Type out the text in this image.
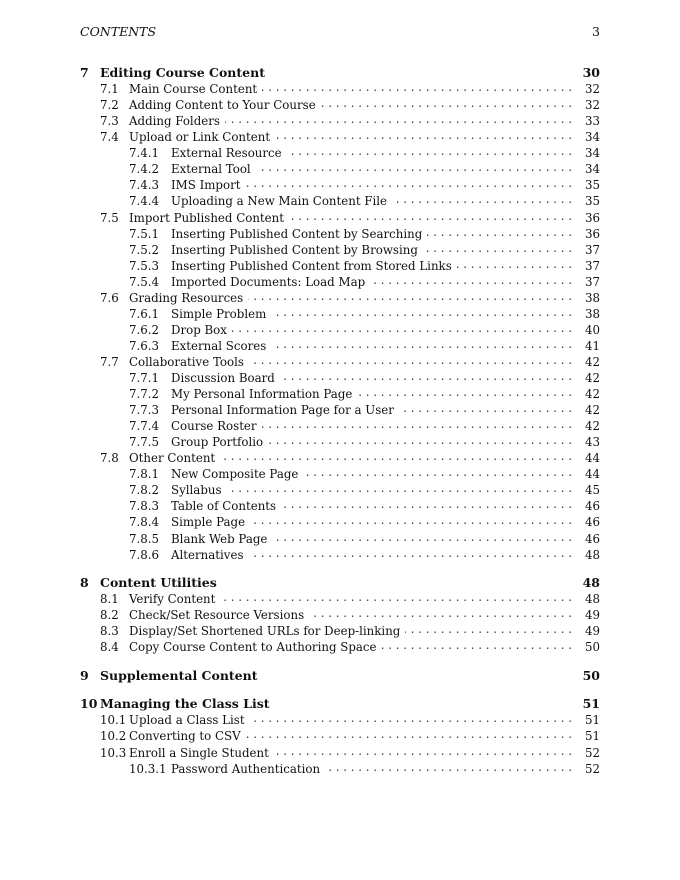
CONTENTS	3
7 Editing Course Content	30
7.1 . . . Main Course Content	32
7.2 . . . Adding Content to Your Course	32
7.3 . . . Adding Folders	33
7.4 . . . Upload or Link Content	34
7.4.1 . . . External Resource	34
7.4.2 . . . External Tool	34
7.4.3 . . . IMS Import	35
7.4.4 . . . Uploading a New Main Content File	35
7.5 . . . Import Published Content	36
7.5.1 . . . Inserting Published Content by Searching	36
7.5.2 . . . Inserting Published Content by Browsing	37
7.5.3 . . . Inserting Published Content from Stored Links	37
7.5.4 . . . Imported Documents: Load Map	37
7.6 . . . Grading Resources	38
7.6.1 . . . Simple Problem	38
7.6.2 . . . Drop Box	40
7.6.3 . . . External Scores	41
7.7 . . . Collaborative Tools	42
7.7.1 . . . Discussion Board	42
7.7.2 . . . My Personal Information Page	42
7.7.3 . . . Personal Information Page for a User	42
7.7.4 . . . Course Roster	42
7.7.5 . . . Group Portfolio	43
7.8 . . . Other Content	44
7.8.1 . . . New Composite Page	44
7.8.2 . . . Syllabus	45
7.8.3 . . . Table of Contents	46
7.8.4 . . . Simple Page	46
7.8.5 . . . Blank Web Page	46
7.8.6 . . . Alternatives	48
8 Content Utilities	48
8.1 . . . Verify Content	48
8.2 . . . Check/Set Resource Versions	49
8.3 . . . Display/Set Shortened URLs for Deep-linking	49
8.4 . . . Copy Course Content to Authoring Space	50
9 Supplemental Content	50
10 Managing the Class List	51
10.1 . . . Upload a Class List	51
10.2 . . . Converting to CSV	51
10.3 . . . Enroll a Single Student	52
10.3.1 . . . Password Authentication	52
